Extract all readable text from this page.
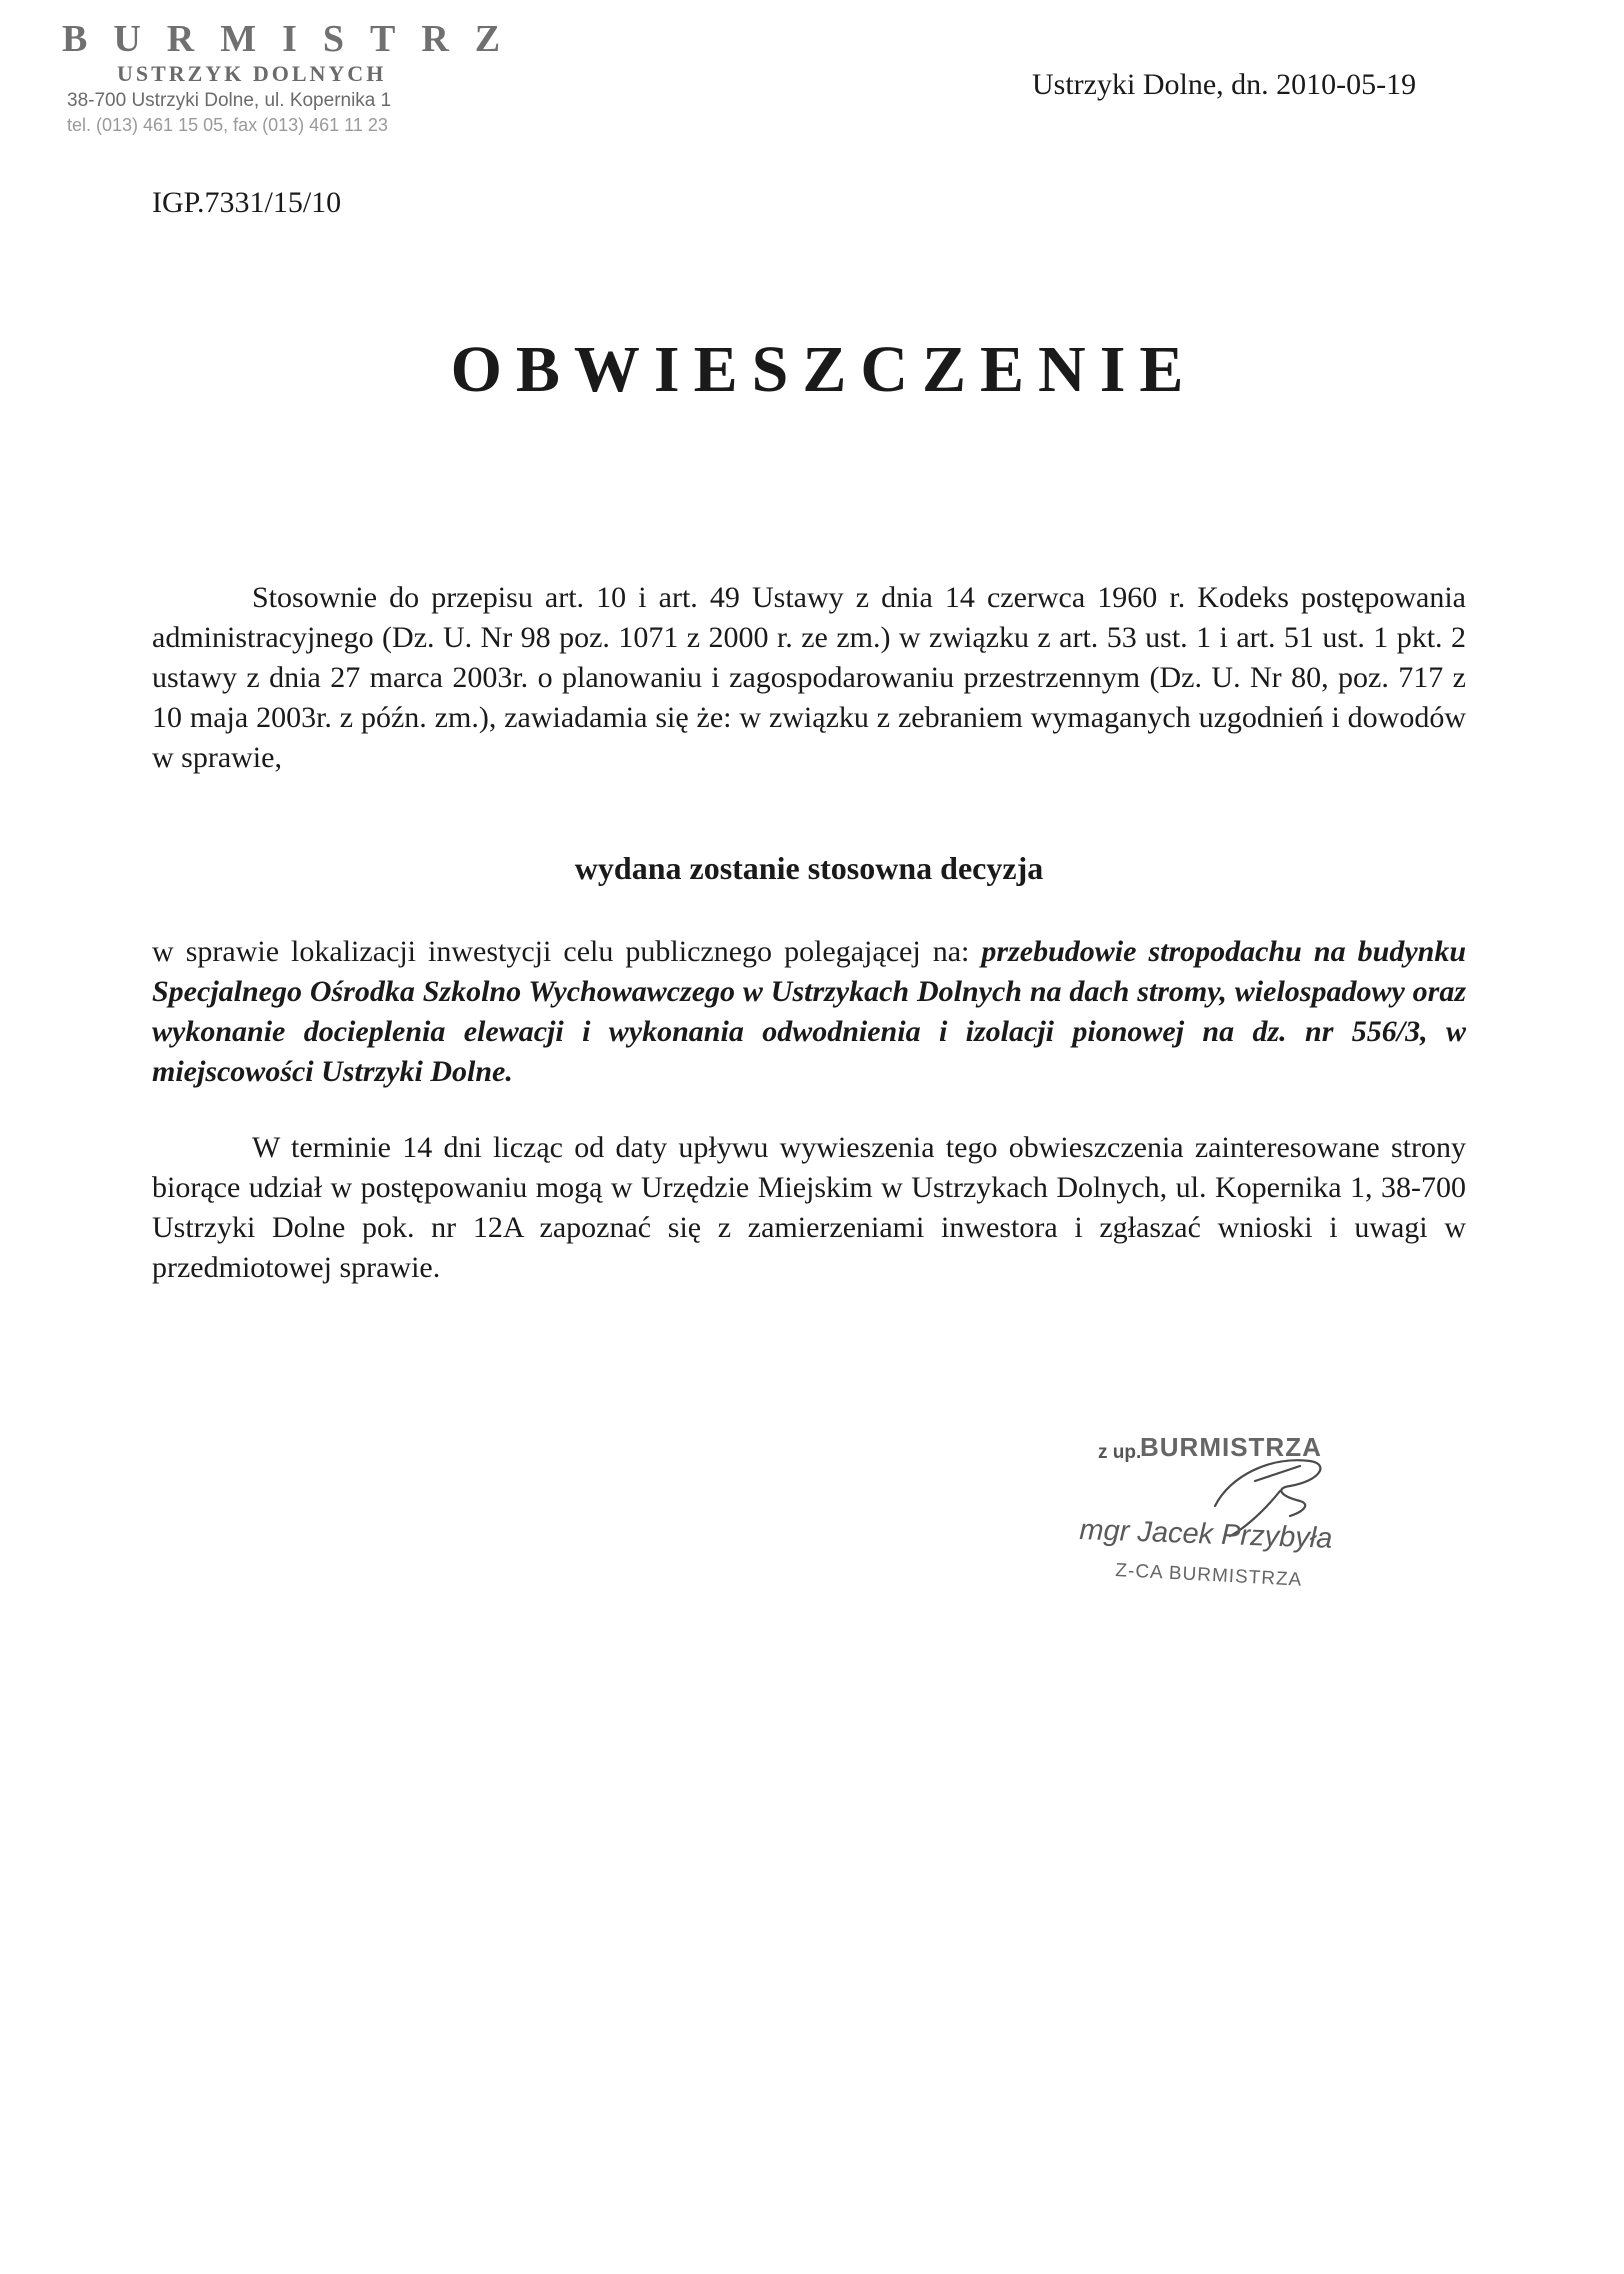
BURMISTRZ
USTRZYK DOLNYCH
38-700 Ustrzyki Dolne, ul. Kopernika 1
tel. (013) 461 15 05, fax (013) 461 11 23
Ustrzyki Dolne, dn. 2010-05-19
IGP.7331/15/10
OBWIESZCZENIE
Stosownie do przepisu art. 10 i art. 49 Ustawy z dnia 14 czerwca 1960 r. Kodeks postępowania administracyjnego (Dz. U. Nr 98 poz. 1071 z 2000 r. ze zm.) w związku z art. 53 ust. 1 i art. 51 ust. 1 pkt. 2 ustawy z dnia 27 marca 2003r. o planowaniu i zagospodarowaniu przestrzennym (Dz. U. Nr 80, poz. 717 z 10 maja 2003r. z późn. zm.), zawiadamia się że: w związku z zebraniem wymaganych uzgodnień i dowodów w sprawie,
wydana zostanie stosowna decyzja
w sprawie lokalizacji inwestycji celu publicznego polegającej na: przebudowie stropodachu na budynku Specjalnego Ośrodka Szkolno Wychowawczego w Ustrzykach Dolnych na dach stromy, wielospadowy oraz wykonanie docieplenia elewacji i wykonania odwodnienia i izolacji pionowej na dz. nr 556/3, w miejscowości Ustrzyki Dolne.
W terminie 14 dni licząc od daty upływu wywieszenia tego obwieszczenia zainteresowane strony biorące udział w postępowaniu mogą w Urzędzie Miejskim w Ustrzykach Dolnych, ul. Kopernika 1, 38-700 Ustrzyki Dolne pok. nr 12A zapoznać się z zamierzeniami inwestora i zgłaszać wnioski i uwagi w przedmiotowej sprawie.
z up.
BURMISTRZA
mgr Jacek Przybyła
Z-CA BURMISTRZA
